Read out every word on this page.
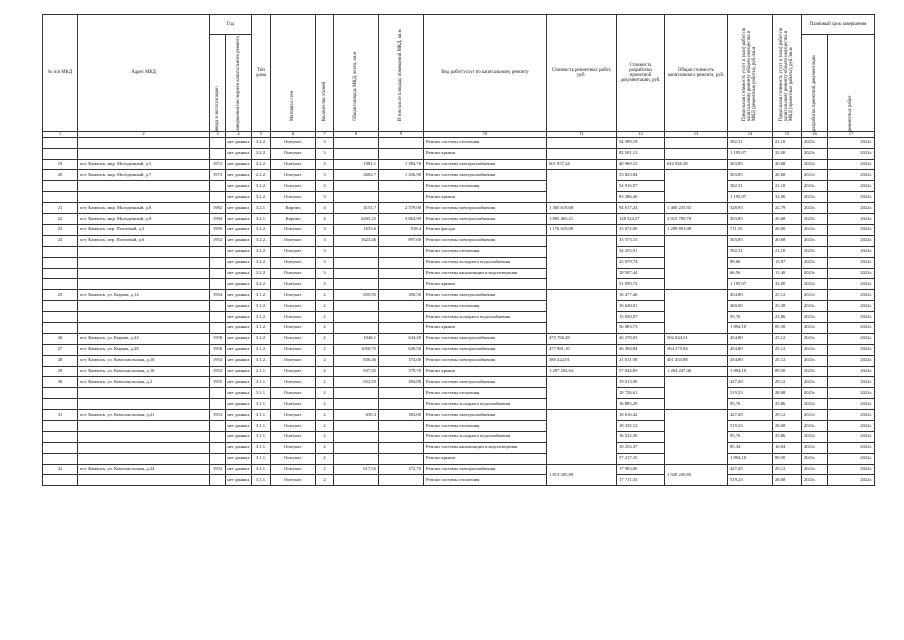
№ п/п МКД	Адрес МКД	Год		Тип дома	Материал стен	Количество этажей	Общая площадь МКД, всего, кв.м	В том числе площадь помещений МКД, кв.м	Вид работ/услуг по капитальному ремонту	Стоимость ремонтных работ, руб.	Стоимость разработки проектной документации, руб.	Общая стоимость капитального ремонта, руб.	Предельная стоимость услуг и (или) работ по капитальному ремонту общего имущества в МКД (ремонтные работы), руб./кв.м	Предельная стоимость услуг и (или) работ по капитальному ремонту общего имущества в МКД (проектные работы), руб./кв.м	Плановый срок завершения	

		ввода в эксплуатацию	завершения последнего капитального ремонта												разработки проектной документации	ремонтных работ

1	2	3	4	5	6	7	8	9	10	11	12	13	14	15	16	17
			нет данных	3.2.2.	Оштукат.	3			Ремонт системы отопления		54 399,18		382,31	21,10	2021г.	2022г.
			нет данных	3.2.2.	Оштукат.	3			Ремонт крыши		82 501,12		1 195,07	32,00	2021г.	2022г.
19	пгт. Каменск, мкр. Молодежный, д.5	1972	нет данных	2.2.2.	Оштукат.	3	1981,1	1 384,70	Ремонт системы электроснабжения	601 957,24	40 969,15	642 926,38	303,85	20,68	2021г.	2022г.
20	пгт. Каменск, мкр. Молодежный, д.7	1973	нет данных	2.2.2.	Оштукат.	3	2602,7	1 436,90	Ремонт системы электроснабжения		53 823,84		303,85	20,68	2021г.	2022г.
			нет данных	3.2.2.	Оштукат.	3			Ремонт системы отопления		54 916,97		382,31	21,10	2021г.	2022г.
			нет данных	3.2.2.	Оштукат.	3			Ремонт крыши		83 286,40		1 195,07	32,00	2021г.	2022г.
21	пгт. Каменск, мкр. Молодежный, д.8	1982	нет данных	3.2.1.	Кирпич	4	4151,7	2 579,00	Ремонт системы электроснабжения	1 365 618,68	94 617,24	1 460 235,92	328,93	22,79	2021г.	2022г.
22	пгт. Каменск, мкр. Молодежный, д.9	1984	нет данных	3.2.1.	Кирпич	4	6205,25	3 864,80	Ремонт системы электроснабжения	1 885 465,21	128 324,57	2 013 789,78	303,85	20,68	2021г.	2022г.
23	пгт. Каменск, пер. Почтовый, д.3	1959	нет данных	3.2.2.	Оштукат.	3	1653,6	918,4	Ремонт фасада	1 176 619,08	33 072,00	1 209 691,08	711,55	20,00	2021г.	2022г.
24	пгт. Каменск, пер. Почтовый, д.6	1952	нет данных	3.2.2.	Оштукат.	3	1623,46	897,60	Ремонт системы электроснабжения		33 573,15		303,85	20,68	2021г.	2022г.
			нет данных	3.2.2.	Оштукат.	3			Ремонт системы отопления		34 255,01		382,31	21,10	2021г.	2022г.
			нет данных	3.2.2.	Оштукат.	3			Ремонт системы холодного водоснабжения		22 679,74		89,06	13,97	2021г.	2022г.
			нет данных	3.2.2.	Оштукат.	3			Ремонт системы канализации и водоотведения		18 507,44		66,56	11,40	2021г.	2022г.
			нет данных	3.2.2.	Оштукат.	3			Ремонт крыши		51 950,72		1 195,07	32,00	2021г.	2022г.
25	пгт. Каменск, ул. Кирова, д.14	1954	нет данных	3.1.2.	Оштукат.	2	655,95	390,50	Ремонт системы электроснабжения		16 477,46		454,80	25,12	2021г.	2022г.
			нет данных	3.1.2.	Оштукат.	2			Ремонт системы отопления		16 648,01		460,00	25,38	2021г.	2022г.
			нет данных	3.1.2.	Оштукат.	2			Ремонт системы холодного водоснабжения		15 650,97		95,76	23,86	2021г.	2022г.
			нет данных	3.1.2.	Оштукат.	2			Ремонт крыши		56 083,73		1 894,10	85,50	2021г.	2022г.
26	пгт. Каменск, ул. Кирова, д.24	1958	нет данных	3.1.2.	Оштукат.	2	1046,1	644,20	Ремонт системы электроснабжения	475 766,28	26 278,03	502 044,31	454,80	25,12	2021г.	2022г.
27	пгт. Каменск, ул. Кирова, д.28	1958	нет данных	3.1.2.	Оштукат.	2	1050,75	649,50	Ремонт системы электроснабжения	477 881,10	26 394,84	504 275,94	454,80	25,12	2021г.	2022г.
28	пгт. Каменск, ул. Комсомольская, д.10	1954	нет данных	3.1.2.	Оштукат.	2	836,46	374,00	Ремонт системы электроснабжения	380 422,01	21 011,58	401 433,88	454,80	25,12	2021г.	2022г.
29	пгт. Каменск, ул. Комсомольская, д.16	1952	нет данных	2.1.1.	Оштукат.	2	637,35	379,70	Ремонт крыши	1 207 204,64	57 042,83	1 264 247,46	1 894,10	89,50	2021г.	2022г.
30	пгт. Каменск, ул. Комсомольская, д.2	1955	нет данных	3.1.1.	Оштукат.	2	652,95	394,80	Ремонт системы электроснабжения		19 013,90		427,20	29,12	2021г.	2022г.
			нет данных	3.1.1.	Оштукат.	2			Ремонт системы отопления		18 726,61		519,23	28,68	2021г.	2022г.
			нет данных	3.1.1.	Оштукат.	2			Ремонт системы холодного водоснабжения		16 885,29		95,76	25,86	2021г.	2022г.
31	пгт. Каменск, ул. Комсомольская, д.21	1953	нет данных	3.1.1.	Оштукат.	2	639,3	383,00	Ремонт системы электроснабжения		18 616,42		427,20	29,12	2021г.	2022г.
			нет данных	3.1.1.	Оштукат.	2			Ремонт системы отопления		18 335,12		519,23	28,68	2021г.	2022г.
			нет данных	3.1.1.	Оштукат.	2			Ремонт системы холодного водоснабжения		16 532,30		95,76	25,86	2021г.	2022г.
			нет данных	3.1.1.	Оштукат.	2			Ремонт системы канализации и водоотведения		10 254,37		85,34	16,04	2021г.	2022г.
			нет данных	3.1.1.	Оштукат.	2			Ремонт крыши		57 217,35		1 894,10	89,50	2021г.	2022г.
32	пгт. Каменск, ул. Комсомольская, д.24	1953	нет данных	3.1.1.	Оштукат.	2	617,55	372,70	Ремонт системы электроснабжения	1 813 305,89	17 983,06	1 920 240,85	427,20	29,12	2021г.	2022г.
			нет данных	3.1.1.	Оштукат.	2			Ремонт системы отопления		17 711,33		519,23	28,68	2021г.	2022г.
